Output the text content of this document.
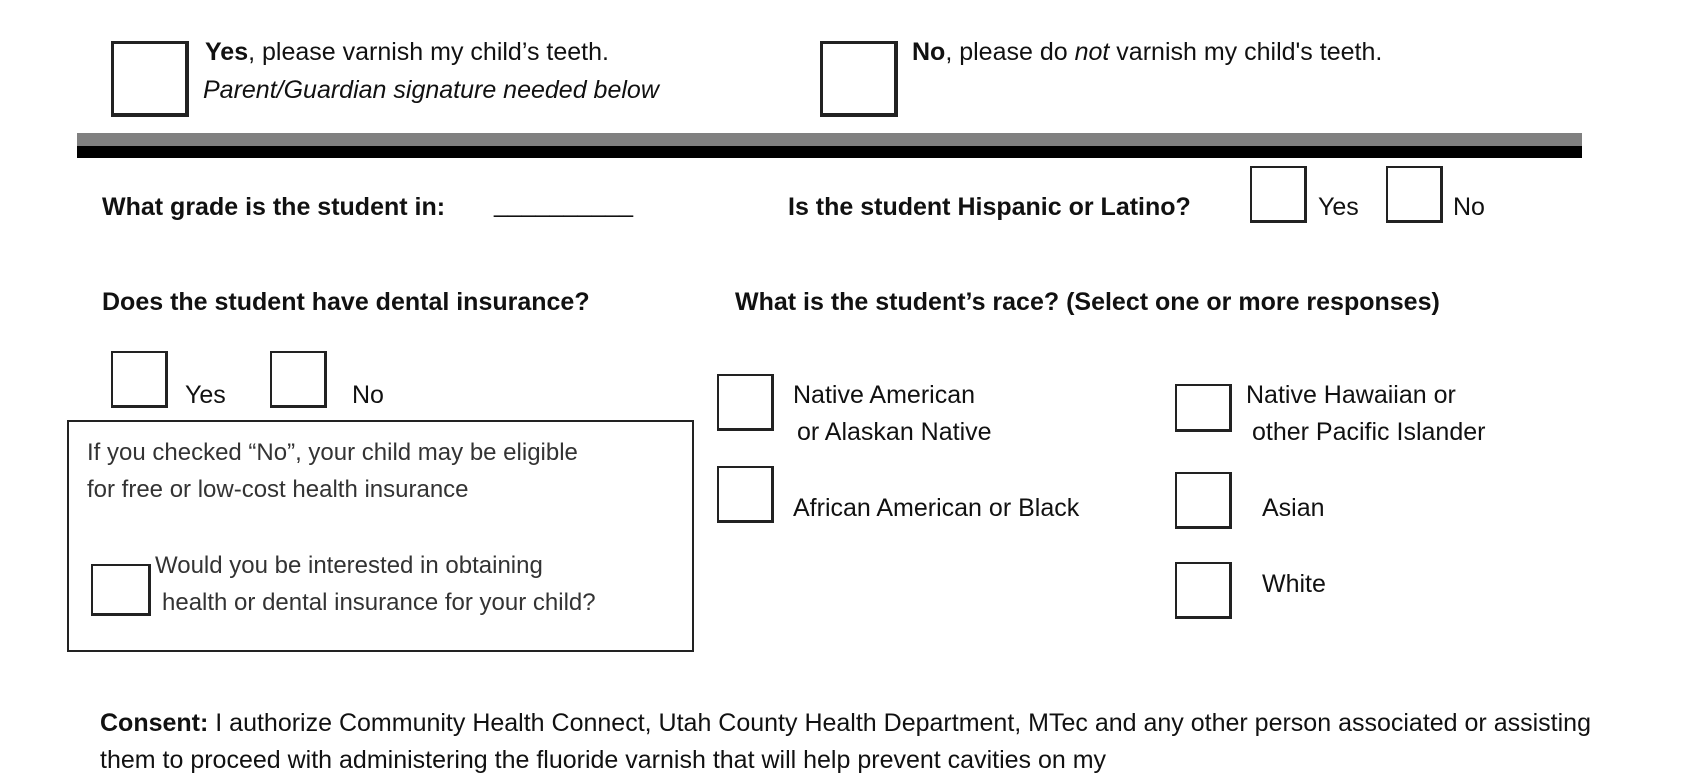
Yes, please varnish my child’s teeth.
Parent/Guardian signature needed below
No, please do not varnish my child's teeth.
What grade is the student in: __________	Is the student Hispanic or Latino?	Yes	No
Does the student have dental insurance?
Yes	No
If you checked “No”, your child may be eligible
for free or low-cost health insurance
Would you be interested in obtaining
health or dental insurance for your child?
What is the student’s race? (Select one or more responses)
Native American
or Alaskan Native
African American or Black
Native Hawaiian or
other Pacific Islander
Asian
White
Consent: I authorize Community Health Connect, Utah County Health Department, MTec and any other person associated or assisting them to proceed with administering the fluoride varnish that will help prevent cavities on my
